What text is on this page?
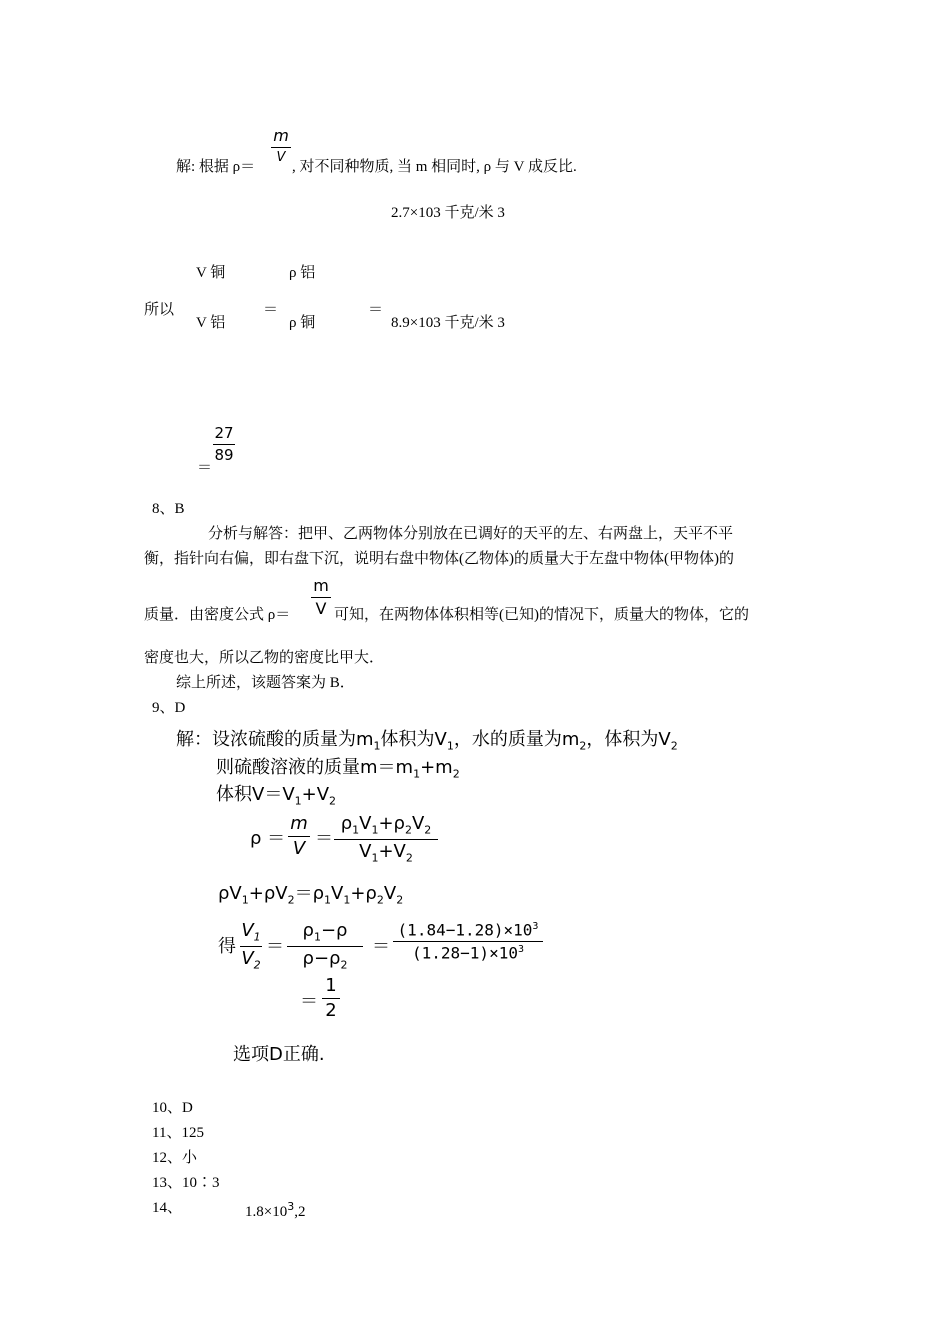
解: 根据 ρ＝
m
V
, 对不同种物质, 当 m 相同时, ρ 与 V 成反比.
2.7×103 千克/米 3
V 铜	ρ 铝
所以	＝	＝
V 铝	ρ 铜	8.9×103 千克/米 3
＝
27
89
8、B
分析与解答：把甲、乙两物体分别放在已调好的天平的左、右两盘上，天平不平
衡，指针向右偏，即右盘下沉，说明右盘中物体(乙物体)的质量大于左盘中物体(甲物体)的
质量．由密度公式 ρ＝
m
V 可知，在两物体体积相等(已知)的情况下，质量大的物体，它的
密度也大，所以乙物的密度比甲大．
综上所述，该题答案为 B．
9、D
解：设浓硫酸的质量为$m_1$体积为$V_1$，水的质量为$m_2$，体积为$V_2$
则硫酸溶液的质量$m=m_1+m_2$
体积$V=V_1+V_2$
ρ ＝
m
V ＝
$\rho_1V_1+\rho_2V_2$
$V_1+V_2$
$\rho V_1+\rho V_2=\rho_1V_1+\rho_2V_2$
得
$V_1$
$V_2$
＝
$\rho_1-\rho$
$\rho-\rho_2$
＝
$(1.84-1.28)\times 10^3$
$(1.28-1)\times 10^3$
＝
1
2
选项D正确.
10、D
11、125
12、小
13、10∶3
14、	$1.8\times 10^3,2$
